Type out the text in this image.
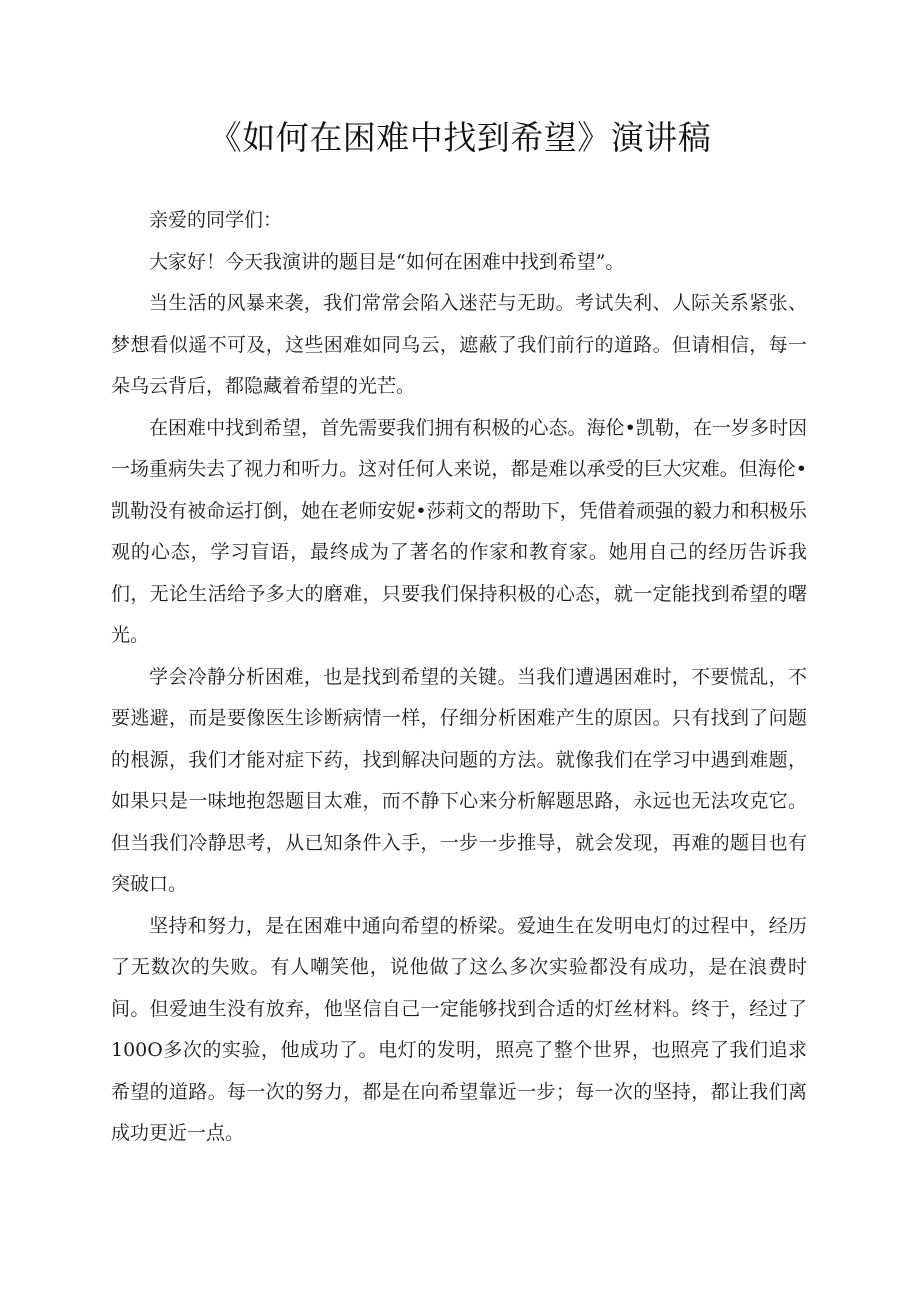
《如何在困难中找到希望》演讲稿

亲爱的同学们：

大家好！今天我演讲的题目是“如何在困难中找到希望”。

当生活的风暴来袭，我们常常会陷入迷茫与无助。考试失利、人际关系紧张、梦想看似遥不可及，这些困难如同乌云，遮蔽了我们前行的道路。但请相信，每一朵乌云背后，都隐藏着希望的光芒。

在困难中找到希望，首先需要我们拥有积极的心态。海伦•凯勒，在一岁多时因一场重病失去了视力和听力。这对任何人来说，都是难以承受的巨大灾难。但海伦•凯勒没有被命运打倒，她在老师安妮•莎莉文的帮助下，凭借着顽强的毅力和积极乐观的心态，学习盲语，最终成为了著名的作家和教育家。她用自己的经历告诉我们，无论生活给予多大的磨难，只要我们保持积极的心态，就一定能找到希望的曙光。

学会冷静分析困难，也是找到希望的关键。当我们遭遇困难时，不要慌乱，不要逃避，而是要像医生诊断病情一样，仔细分析困难产生的原因。只有找到了问题的根源，我们才能对症下药，找到解决问题的方法。就像我们在学习中遇到难题，如果只是一味地抱怨题目太难，而不静下心来分析解题思路，永远也无法攻克它。但当我们冷静思考，从已知条件入手，一步一步推导，就会发现，再难的题目也有突破口。

坚持和努力，是在困难中通向希望的桥梁。爱迪生在发明电灯的过程中，经历了无数次的失败。有人嘲笑他，说他做了这么多次实验都没有成功，是在浪费时间。但爱迪生没有放弃，他坚信自己一定能够找到合适的灯丝材料。终于，经过了100O多次的实验，他成功了。电灯的发明，照亮了整个世界，也照亮了我们追求希望的道路。每一次的努力，都是在向希望靠近一步；每一次的坚持，都让我们离成功更近一点。
